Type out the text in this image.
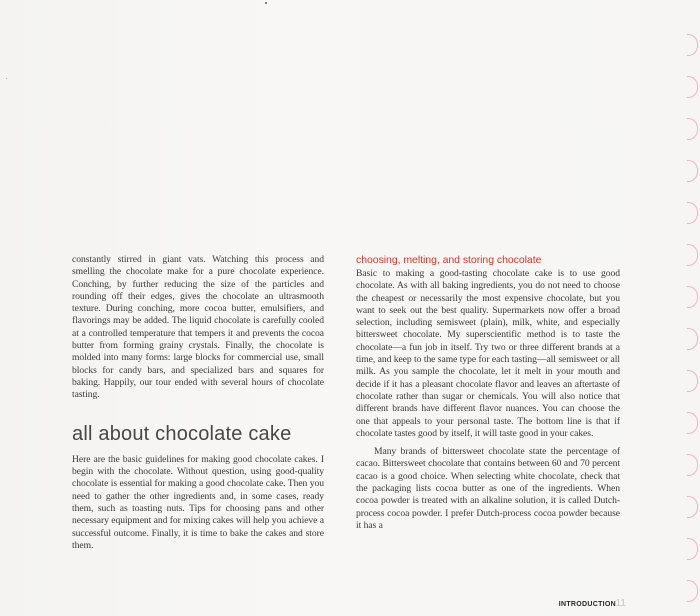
constantly stirred in giant vats. Watching this process and smelling the chocolate make for a pure chocolate experience. Conching, by further reducing the size of the particles and rounding off their edges, gives the chocolate an ultrasmooth texture. During conching, more cocoa butter, emulsifiers, and flavorings may be added. The liquid chocolate is carefully cooled at a controlled temperature that tempers it and prevents the cocoa butter from forming grainy crystals. Finally, the chocolate is molded into many forms: large blocks for commercial use, small blocks for candy bars, and specialized bars and squares for baking. Happily, our tour ended with several hours of chocolate tasting.

all about chocolate cake

Here are the basic guidelines for making good chocolate cakes. I begin with the chocolate. Without question, using good-quality chocolate is essential for making a good chocolate cake. Then you need to gather the other ingredients and, in some cases, ready them, such as toasting nuts. Tips for choosing pans and other necessary equipment and for mixing cakes will help you achieve a successful outcome. Finally, it is time to bake the cakes and store them.

choosing, melting, and storing chocolate

Basic to making a good-tasting chocolate cake is to use good chocolate. As with all baking ingredients, you do not need to choose the cheapest or necessarily the most expensive chocolate, but you want to seek out the best quality. Supermarkets now offer a broad selection, including semisweet (plain), milk, white, and especially bittersweet chocolate. My superscientific method is to taste the chocolate—a fun job in itself. Try two or three different brands at a time, and keep to the same type for each tasting—all semisweet or all milk. As you sample the chocolate, let it melt in your mouth and decide if it has a pleasant chocolate flavor and leaves an aftertaste of chocolate rather than sugar or chemicals. You will also notice that different brands have different flavor nuances. You can choose the one that appeals to your personal taste. The bottom line is that if chocolate tastes good by itself, it will taste good in your cakes.

Many brands of bittersweet chocolate state the percentage of cacao. Bittersweet chocolate that contains between 60 and 70 percent cacao is a good choice. When selecting white chocolate, check that the packaging lists cocoa butter as one of the ingredients. When cocoa powder is treated with an alkaline solution, it is called Dutch-process cocoa powder. I prefer Dutch-process cocoa powder because it has a

INTRODUCTION 11
